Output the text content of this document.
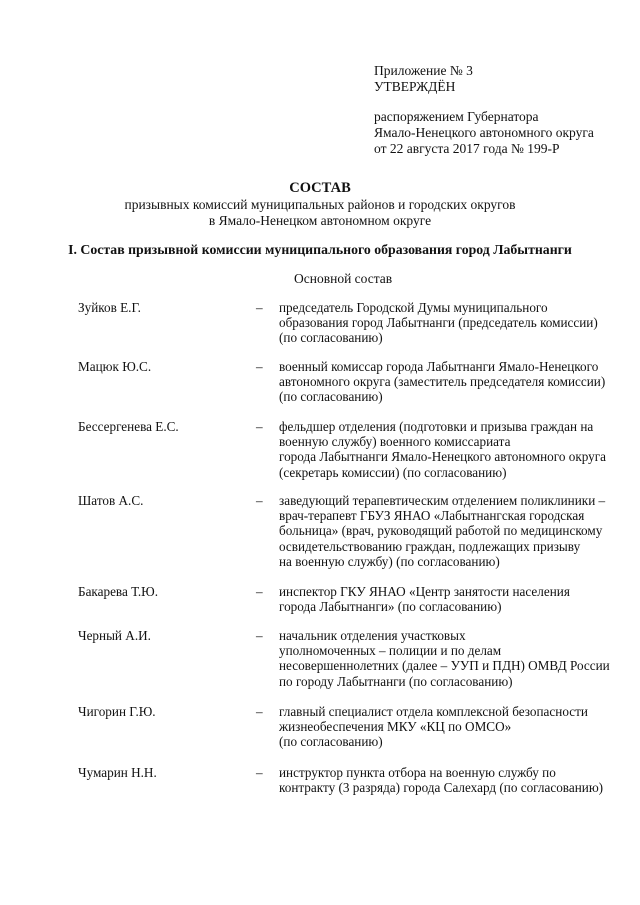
Приложение № 3
УТВЕРЖДЁН
распоряжением Губернатора
Ямало-Ненецкого автономного округа
от 22 августа 2017 года № 199-Р
СОСТАВ
призывных комиссий муниципальных районов и городских округов
в Ямало-Ненецком автономном округе
I. Состав призывной комиссии муниципального образования город Лабытнанги
Основной состав
Зуйков Е.Г.	– председатель Городской Думы муниципального
образования город Лабытнанги (председатель комиссии)
(по согласованию)
Мацюк Ю.С.	– военный комиссар города Лабытнанги Ямало-Ненецкого
автономного округа (заместитель председателя комиссии)
(по согласованию)
Бессергенева Е.С.	– фельдшер отделения (подготовки и призыва граждан на
военную службу) военного комиссариата
города Лабытнанги Ямало-Ненецкого автономного округа
(секретарь комиссии) (по согласованию)
Шатов А.С.	– заведующий терапевтическим отделением поликлиники –
врач-терапевт ГБУЗ ЯНАО «Лабытнангская городская
больница» (врач, руководящий работой по медицинскому
освидетельствованию граждан, подлежащих призыву
на военную службу) (по согласованию)
Бакарева Т.Ю.	– инспектор ГКУ ЯНАО «Центр занятости населения
города Лабытнанги» (по согласованию)
Черный А.И.	– начальник отделения участковых
уполномоченных – полиции и по делам
несовершеннолетних (далее – УУП и ПДН) ОМВД России
по городу Лабытнанги (по согласованию)
Чигорин Г.Ю.	– главный специалист отдела комплексной безопасности
жизнеобеспечения МКУ «КЦ по ОМСО»
(по согласованию)
Чумарин Н.Н.	– инструктор пункта отбора на военную службу по
контракту (3 разряда) города Салехард (по согласованию)
